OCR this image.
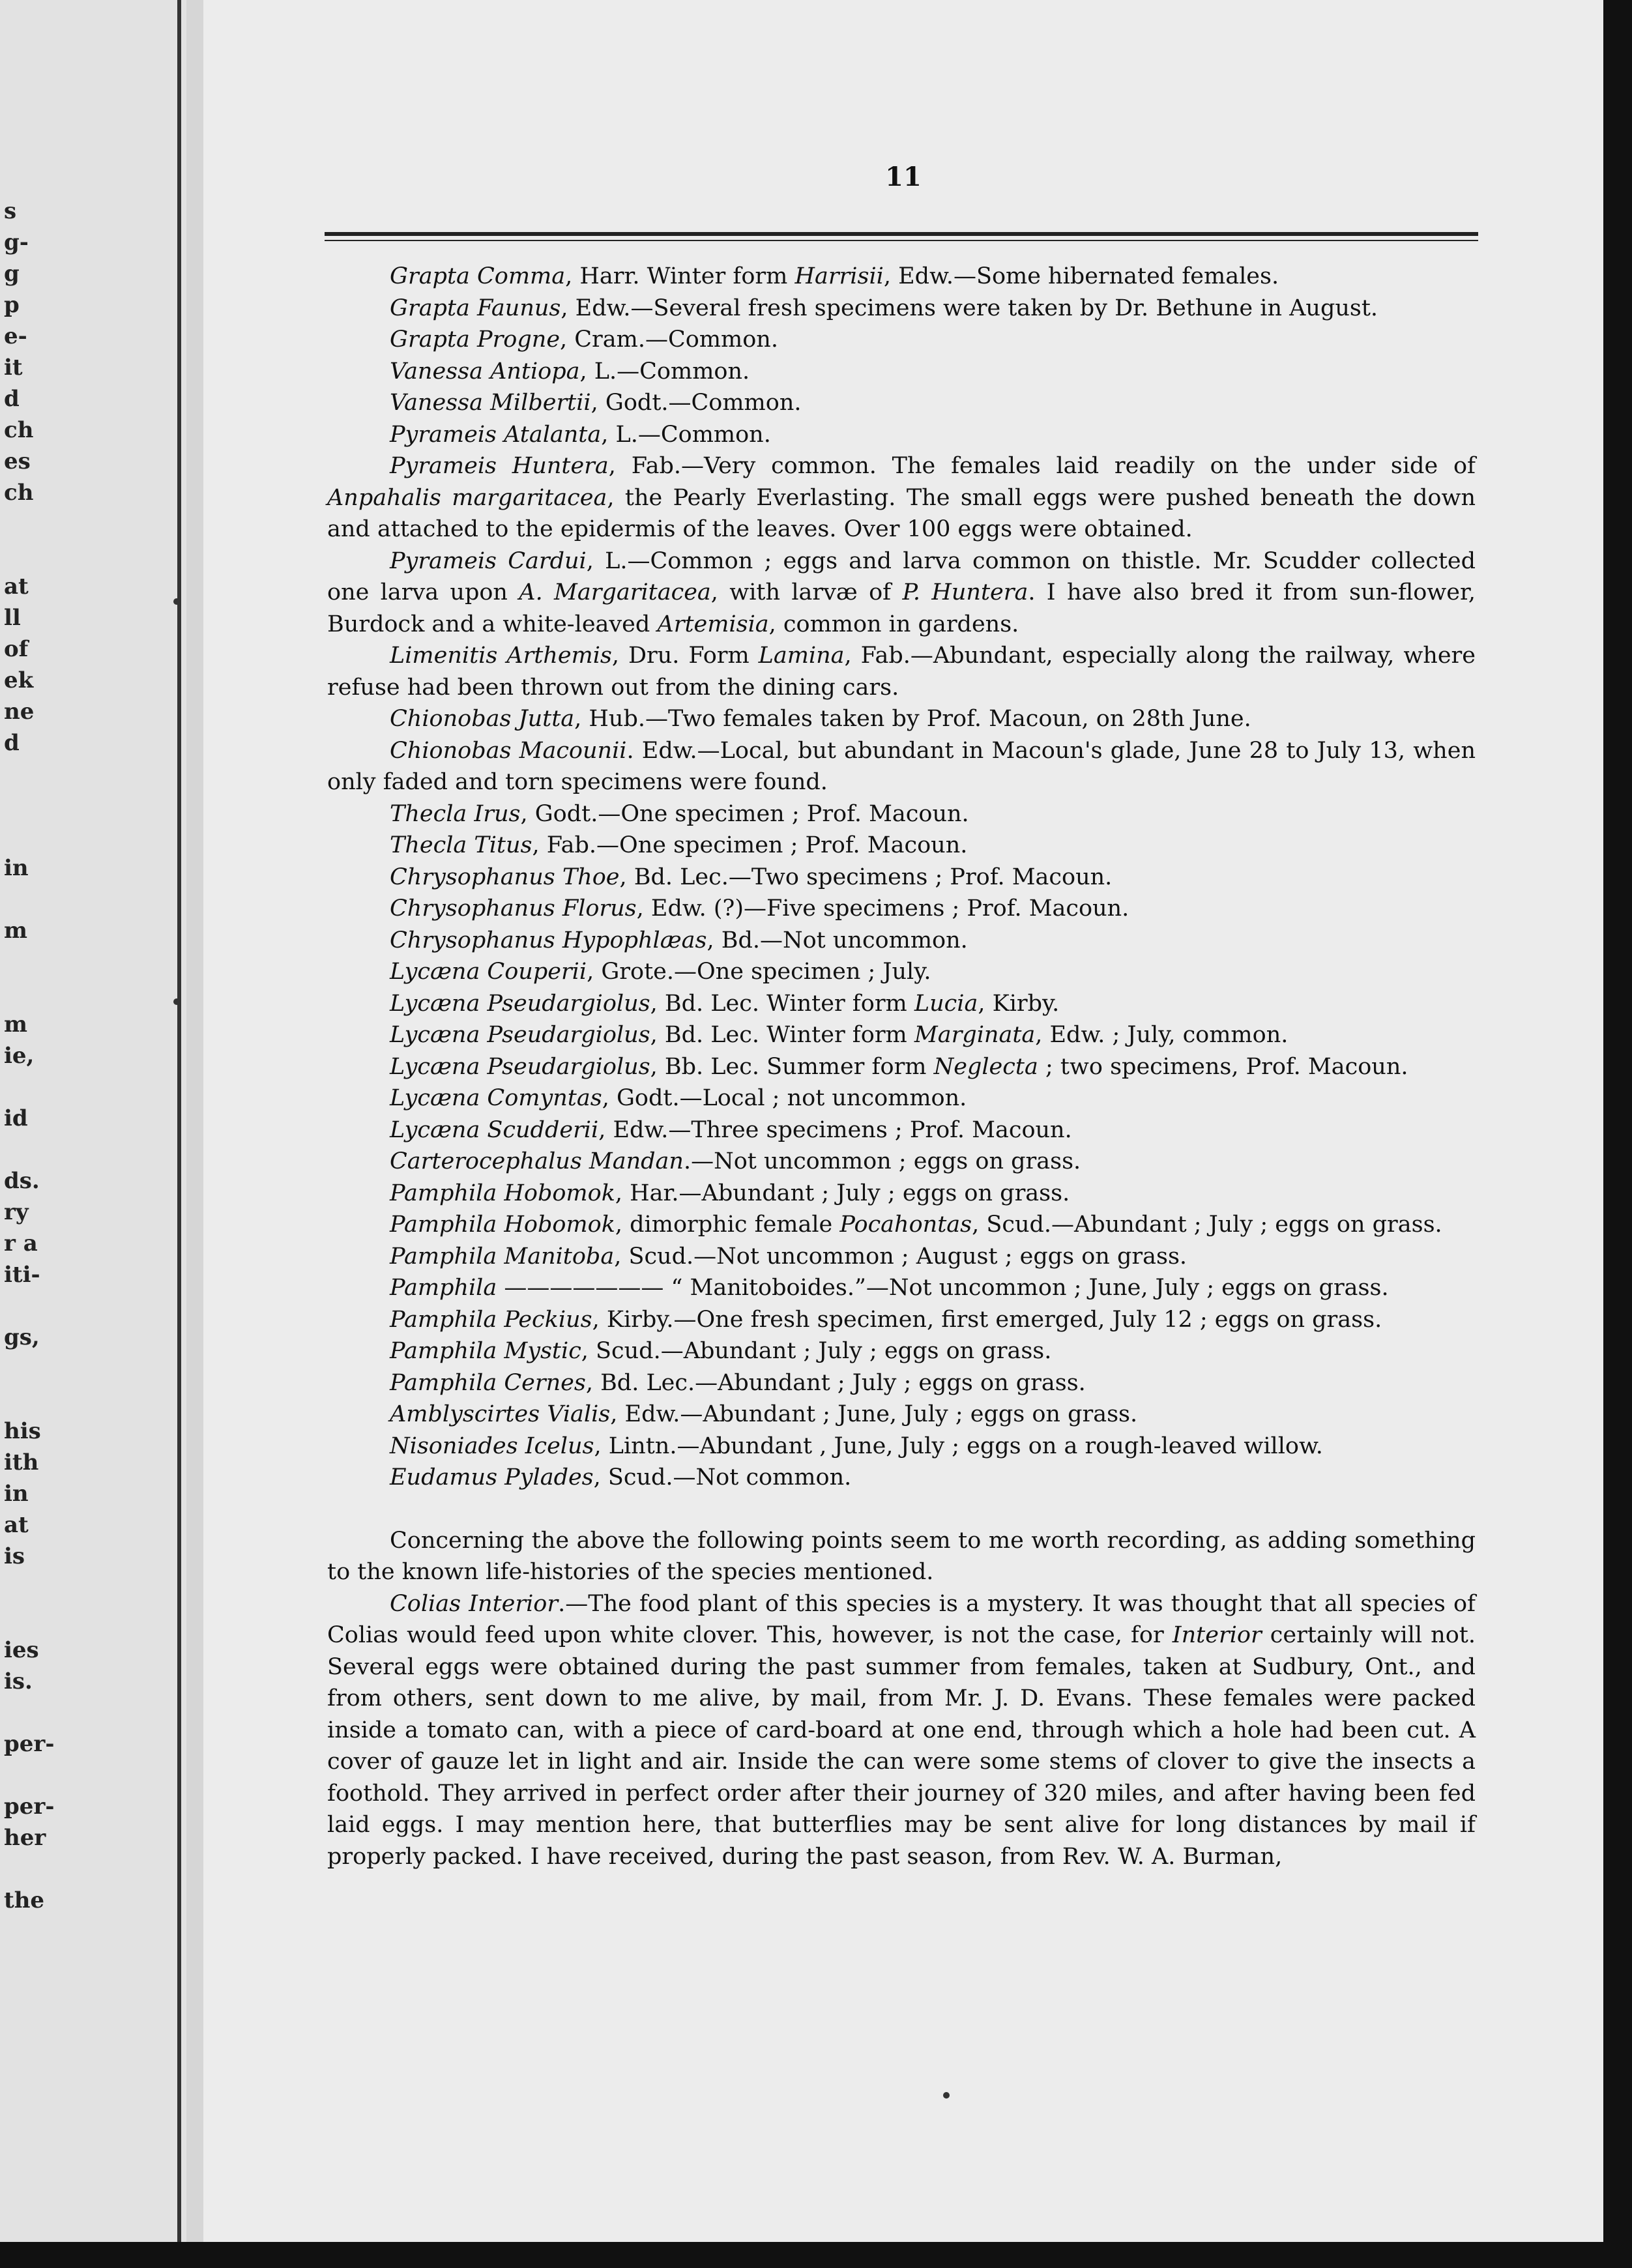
s
g-
g
p
e-
it
d
ch
es
ch
at
ll
of
ek
ne
d
in
m
m
ie,
id
ds.
ry
r a
iti-
gs,
his
ith
in
at
is
ies
is.
per-
per-
her
the
11

Grapta Comma, Harr. Winter form Harrisii, Edw.—Some hibernated females.

Grapta Faunus, Edw.—Several fresh specimens were taken by Dr. Bethune in August.

Grapta Progne, Cram.—Common.

Vanessa Antiopa, L.—Common.

Vanessa Milbertii, Godt.—Common.

Pyrameis Atalanta, L.—Common.

Pyrameis Huntera, Fab.—Very common. The females laid readily on the under side of Anpahalis margaritacea, the Pearly Everlasting. The small eggs were pushed beneath the down and attached to the epidermis of the leaves. Over 100 eggs were obtained.

Pyrameis Cardui, L.—Common ; eggs and larva common on thistle. Mr. Scudder collected one larva upon A. Margaritacea, with larvæ of P. Huntera. I have also bred it from sun-flower, Burdock and a white-leaved Artemisia, common in gardens.

Limenitis Arthemis, Dru. Form Lamina, Fab.—Abundant, especially along the railway, where refuse had been thrown out from the dining cars.

Chionobas Jutta, Hub.—Two females taken by Prof. Macoun, on 28th June.

Chionobas Macounii. Edw.—Local, but abundant in Macoun's glade, June 28 to July 13, when only faded and torn specimens were found.

Thecla Irus, Godt.—One specimen ; Prof. Macoun.

Thecla Titus, Fab.—One specimen ; Prof. Macoun.

Chrysophanus Thoe, Bd. Lec.—Two specimens ; Prof. Macoun.

Chrysophanus Florus, Edw. (?)—Five specimens ; Prof. Macoun.

Chrysophanus Hypophlæas, Bd.—Not uncommon.

Lycæna Couperii, Grote.—One specimen ; July.

Lycæna Pseudargiolus, Bd. Lec. Winter form Lucia, Kirby.

Lycæna Pseudargiolus, Bd. Lec. Winter form Marginata, Edw. ; July, common.

Lycæna Pseudargiolus, Bb. Lec. Summer form Neglecta ; two specimens, Prof. Macoun.

Lycæna Comyntas, Godt.—Local ; not uncommon.

Lycæna Scudderii, Edw.—Three specimens ; Prof. Macoun.

Carterocephalus Mandan.—Not uncommon ; eggs on grass.

Pamphila Hobomok, Har.—Abundant ; July ; eggs on grass.

Pamphila Hobomok, dimorphic female Pocahontas, Scud.—Abundant ; July ; eggs on grass.

Pamphila Manitoba, Scud.—Not uncommon ; August ; eggs on grass.

Pamphila ——————— “ Manitoboides.”—Not uncommon ; June, July ; eggs on grass.

Pamphila Peckius, Kirby.—One fresh specimen, first emerged, July 12 ; eggs on grass.

Pamphila Mystic, Scud.—Abundant ; July ; eggs on grass.

Pamphila Cernes, Bd. Lec.—Abundant ; July ; eggs on grass.

Amblyscirtes Vialis, Edw.—Abundant ; June, July ; eggs on grass.

Nisoniades Icelus, Lintn.—Abundant , June, July ; eggs on a rough-leaved willow.

Eudamus Pylades, Scud.—Not common.

Concerning the above the following points seem to me worth recording, as adding something to the known life-histories of the species mentioned.

Colias Interior.—The food plant of this species is a mystery. It was thought that all species of Colias would feed upon white clover. This, however, is not the case, for Interior certainly will not. Several eggs were obtained during the past summer from females, taken at Sudbury, Ont., and from others, sent down to me alive, by mail, from Mr. J. D. Evans. These females were packed inside a tomato can, with a piece of card-board at one end, through which a hole had been cut. A cover of gauze let in light and air. Inside the can were some stems of clover to give the insects a foothold. They arrived in perfect order after their journey of 320 miles, and after having been fed laid eggs. I may mention here, that butterflies may be sent alive for long distances by mail if properly packed. I have received, during the past season, from Rev. W. A. Burman,
